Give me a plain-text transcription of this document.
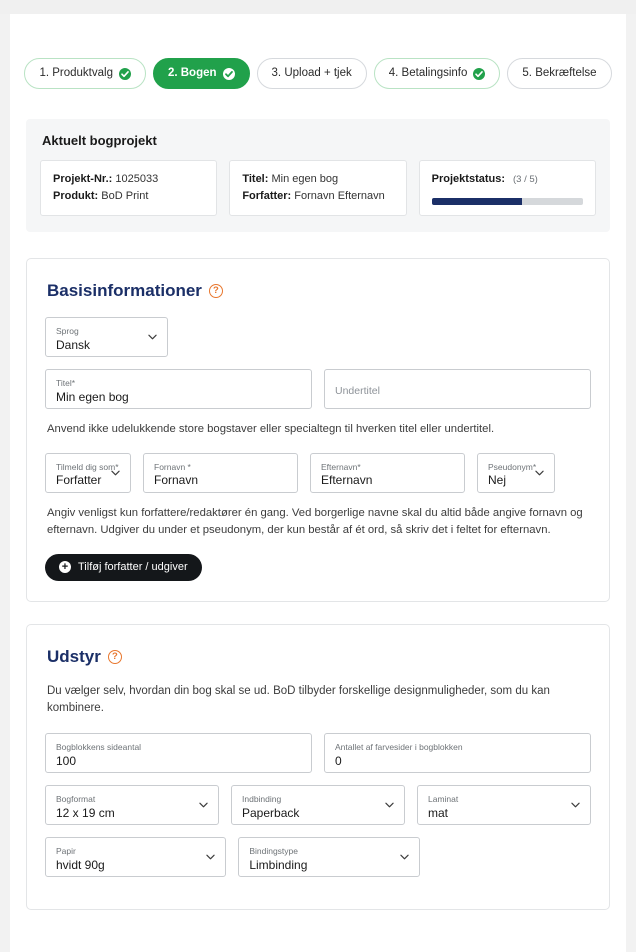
1. Produktvalg	2. Bogen	3. Upload + tjek	4. Betalingsinfo	5. Bekræftelse
Aktuelt bogprojekt
Projekt-Nr.: 1025033
Produkt: BoD Print
Titel: Min egen bog
Forfatter: Fornavn Efternavn
Projektstatus: (3 / 5)
Basisinformationer	?
Sprog
Dansk
Titel*
Min egen bog	Undertitel
Anvend ikke udelukkende store bogstaver eller specialtegn til hverken titel eller undertitel.
Tilmeld dig som*
Forfatter
Fornavn *
Fornavn
Efternavn*
Efternavn
Pseudonym*
Nej
Angiv venligst kun forfattere/redaktører én gang. Ved borgerlige navne skal du altid både angive fornavn og efternavn. Udgiver du under et pseudonym, der kun består af ét ord, så skriv det i feltet for efternavn.
+ Tilføj forfatter / udgiver
Udstyr	?
Du vælger selv, hvordan din bog skal se ud. BoD tilbyder forskellige designmuligheder, som du kan kombinere.
Bogblokkens sideantal
100
Antallet af farvesider i bogblokken
0
Bogformat
12 x 19 cm
Indbinding
Paperback
Laminat
mat
Papir
hvidt 90g
Bindingstype
Limbinding
